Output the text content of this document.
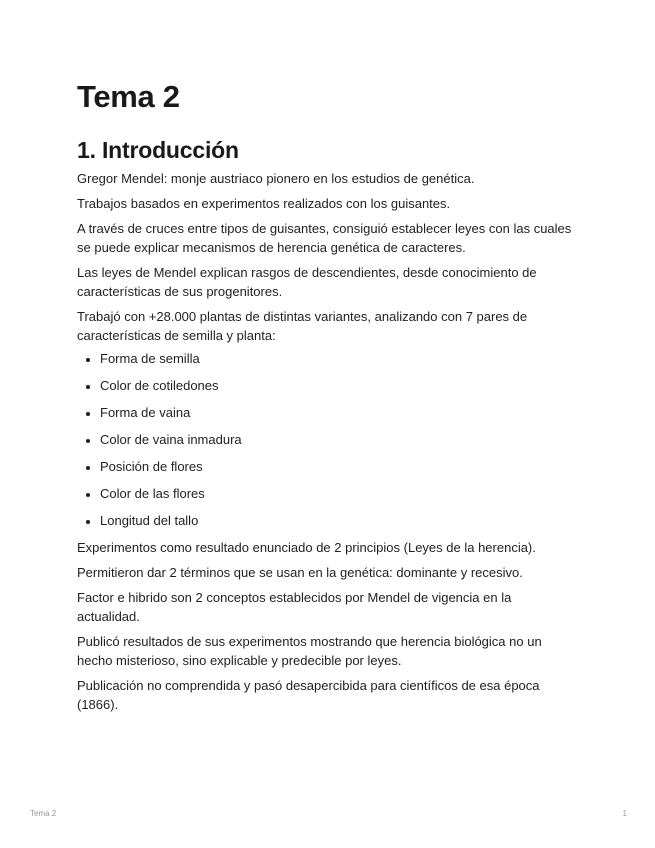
Tema 2
1. Introducción

Gregor Mendel: monje austriaco pionero en los estudios de genética.

Trabajos basados en experimentos realizados con los guisantes.

A través de cruces entre tipos de guisantes, consiguió establecer leyes con las cuales se puede explicar mecanismos de herencia genética de caracteres.

Las leyes de Mendel explican rasgos de descendientes, desde conocimiento de características de sus progenitores.

Trabajó con +28.000 plantas de distintas variantes, analizando con 7 pares de características de semilla y planta:

• Forma de semilla
• Color de cotiledones
• Forma de vaina
• Color de vaina inmadura
• Posición de flores
• Color de las flores
• Longitud del tallo

Experimentos como resultado enunciado de 2 principios (Leyes de la herencia).

Permitieron dar 2 términos que se usan en la genética: dominante y recesivo.

Factor e hibrido son 2 conceptos establecidos por Mendel de vigencia en la actualidad.

Publicó resultados de sus experimentos mostrando que herencia biológica no un hecho misterioso, sino explicable y predecible por leyes.

Publicación no comprendida y pasó desapercibida para científicos de esa época (1866).

Tema 2	1
